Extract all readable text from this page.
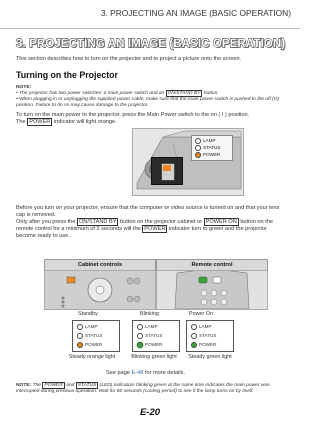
3. PROJECTING AN IMAGE (BASIC OPERATION)
3. PROJECTING AN IMAGE (BASIC OPERATION)
This section describes how to turn on the projector and to project a picture onto the screen.
Turning on the Projector
NOTE:
• The projector has two power switches: a main power switch and an ON/STAND BY button.
• When plugging in or unplugging the supplied power cable, make sure that the main power switch is pushed to the off (O) position. Failure to do so may cause damage to the projector.
To turn on the main power to the projector, press the Main Power switch to the on ( I ) position.
The POWER indicator will light orange.
LAMP
STATUS
POWER
Before you turn on your projector, ensure that the computer or video source is turned on and that your lens cap is removed.
Only after you press the ON/STAND BY button on the projector cabinet or POWER ON button on the remote control for a minimum of 2 seconds will the POWER indicator turn to green and the projector become ready to use.
Cabinet controls	Remote control
Standby	Blinking	Power On
LAMP
STATUS
POWER
LAMP
STATUS
POWER
LAMP
STATUS
POWER
Steady orange light	Blinking green light	Steady green light
See page E-48 for more details.
NOTE: The POWER and STATUS (LED) indicators blinking green at the same time indicates the main power was interrupted during previous operation. Wait for 60 seconds (cooling period) to see if the lamp turns on by itself.
E-20
